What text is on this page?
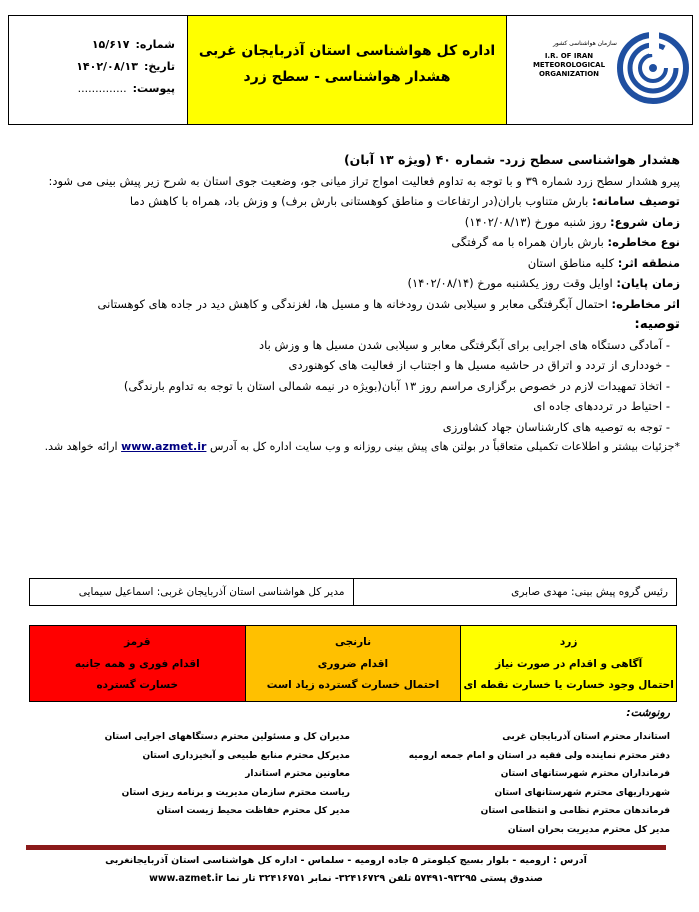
شماره:
۱۵/۶۱۷
تاریخ:
۱۴۰۲/۰۸/۱۳
پیوست:
..............
اداره کل هواشناسی استان آذربایجان غربی
هشدار هواشناسی - سطح زرد
سازمان هواشناسی کشور
I.R. OF IRAN
METEOROLOGICAL
ORGANIZATION

هشدار هواشناسی سطح زرد- شماره ۴۰ (ویژه ۱۳ آبان)

پیرو هشدار سطح زرد شماره ۳۹ و با توجه به تداوم فعالیت امواج تراز میانی جو، وضعیت جوی استان به شرح زیر پیش بینی می شود:

توصیف سامانه: بارش متناوب باران(در ارتفاعات و مناطق کوهستانی بارش برف) و وزش باد، همراه با کاهش دما

زمان شروع: روز شنبه مورخ (۱۴۰۲/۰۸/۱۳)

نوع مخاطره: بارش باران همراه با مه گرفتگی

منطقه اثر: کلیه مناطق استان

زمان پایان: اوایل وقت روز یکشنبه مورخ (۱۴۰۲/۰۸/۱۴)

اثر مخاطره: احتمال آبگرفتگی معابر و سیلابی شدن رودخانه ها و مسیل ها، لغزندگی و کاهش دید در جاده های کوهستانی

توصیه:

- آمادگی دستگاه های اجرایی برای آبگرفتگی معابر و سیلابی شدن مسیل ها و وزش باد

- خودداری از تردد و اتراق در حاشیه مسیل ها و اجتناب از فعالیت های کوهنوردی

- اتخاذ تمهیدات لازم در خصوص برگزاری مراسم روز ۱۳ آبان(بویژه در نیمه شمالی استان با توجه به تداوم بارندگی)

- احتیاط در ترددهای جاده ای

- توجه به توصیه های کارشناسان جهاد کشاورزی

*جزئیات بیشتر و اطلاعات تکمیلی متعاقباً در بولتن های پیش بینی روزانه و وب سایت اداره کل به آدرس www.azmet.ir ارائه خواهد شد.

رئیس گروه پیش بینی: مهدی صابری
مدیر کل هواشناسی استان آذربایجان غربی: اسماعیل سیمایی
زرد
آگاهی و اقدام در صورت نیاز
احتمال وجود خسارت یا خسارت نقطه ای
نارنجی
اقدام ضروری
احتمال خسارت گسترده زیاد است
قرمز
اقدام فوری و همه جانبه
خسارت گسترده
رونوشت:
استاندار محترم استان آذربایجان غربی
دفتر محترم نماینده ولی فقیه در استان و امام جمعه ارومیه
فرمانداران محترم شهرستانهای استان
شهرداریهای محترم شهرستانهای استان
فرماندهان محترم نظامی و انتظامی استان
مدیر کل محترم مدیریت بحران استان
مدیران کل و مسئولین محترم دستگاههای اجرایی استان
مدیرکل محترم منابع طبیعی و آبخیزداری استان
معاونین محترم استاندار
ریاست محترم سازمان مدیریت و برنامه ریزی استان
مدیر کل محترم حفاظت محیط زیست استان
آدرس : ارومیه - بلوار بسیج کیلومتر ۵ جاده ارومیه - سلماس - اداره کل هواشناسی استان آذربایجانغربی
صندوق پستی ۹۳۲۹۵-۵۷۴۹۱ تلفن ۳۲۴۱۶۷۲۹- نمابر ۳۲۴۱۶۷۵۱ تار نما www.azmet.ir
